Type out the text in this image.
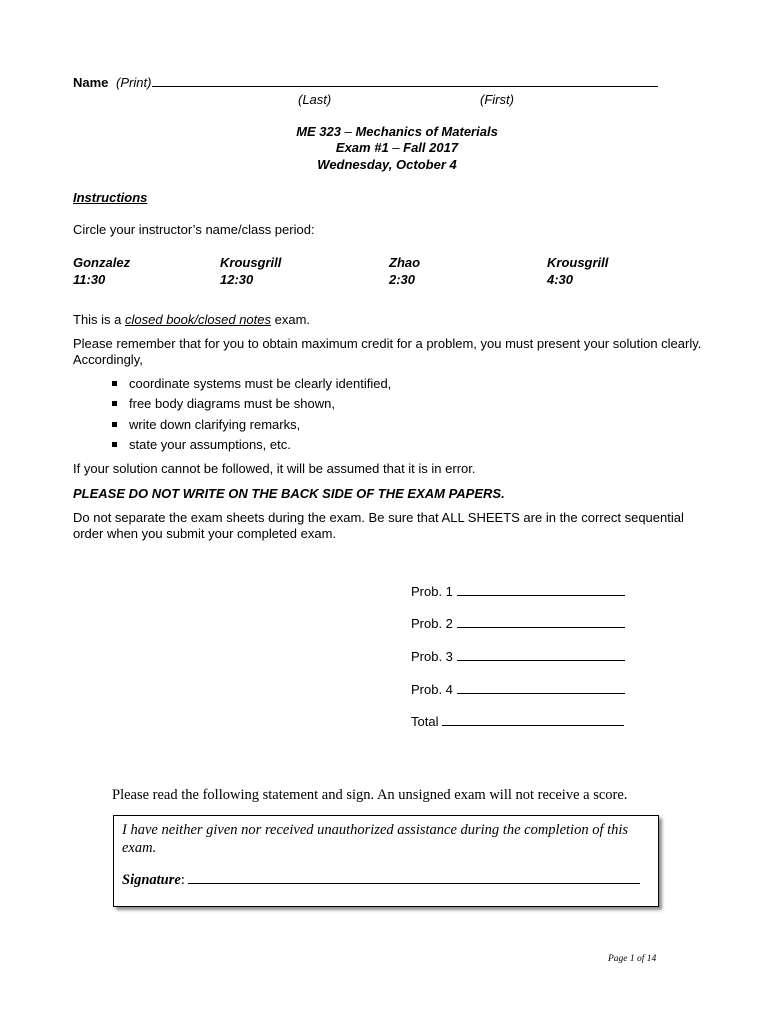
Name (Print)
(Last)	(First)
ME 323 – Mechanics of Materials
Exam #1 – Fall 2017
Wednesday, October 4
Instructions
Circle your instructor’s name/class period:
Gonzalez
11:30
Krousgrill
12:30
Zhao
2:30
Krousgrill
4:30
This is a closed book/closed notes exam.
Please remember that for you to obtain maximum credit for a problem, you must present your solution clearly. Accordingly,
coordinate systems must be clearly identified,
free body diagrams must be shown,
write down clarifying remarks,
state your assumptions, etc.
If your solution cannot be followed, it will be assumed that it is in error.
PLEASE DO NOT WRITE ON THE BACK SIDE OF THE EXAM PAPERS.
Do not separate the exam sheets during the exam. Be sure that ALL SHEETS are in the correct sequential order when you submit your completed exam.
Prob. 1
Prob. 2
Prob. 3
Prob. 4
Total
Please read the following statement and sign. An unsigned exam will not receive a score.
I have neither given nor received unauthorized assistance during the completion of this exam.
Signature:
Page 1 of 14
